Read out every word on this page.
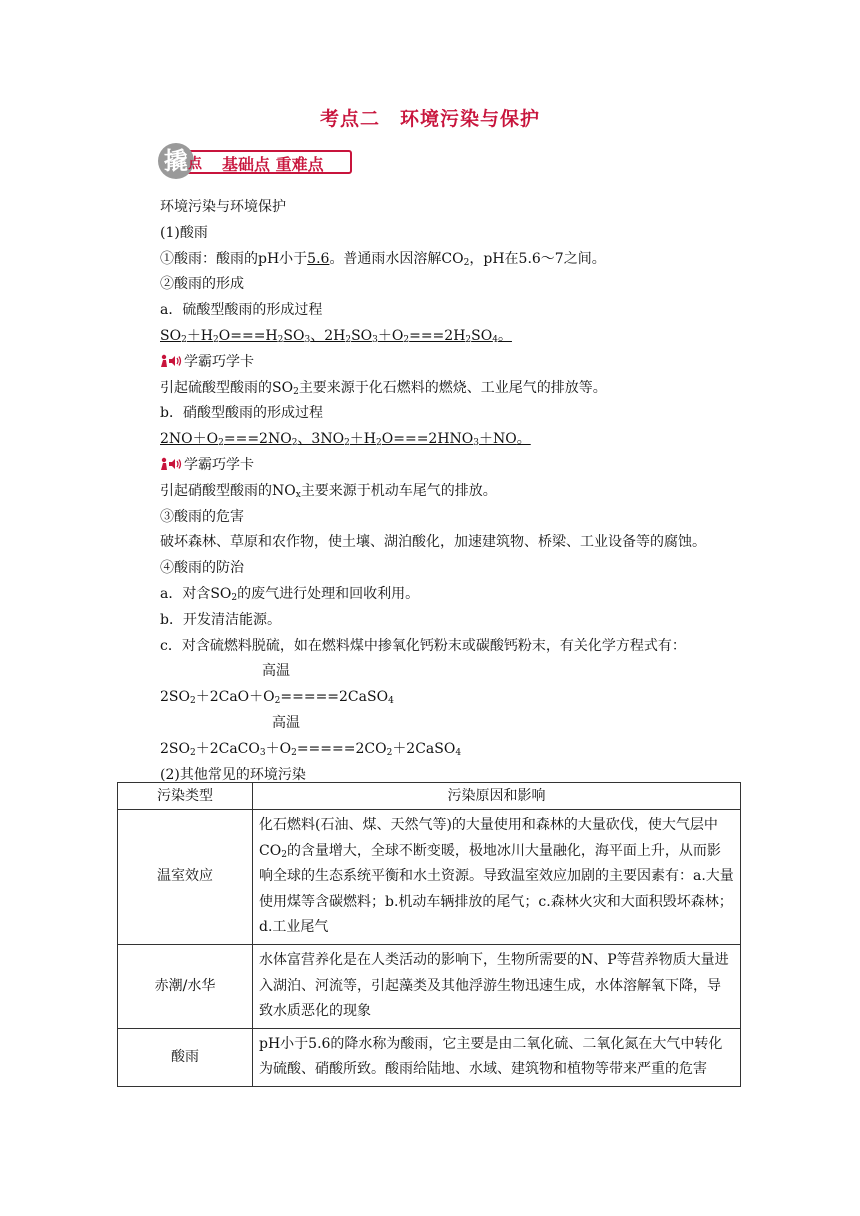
考点二　环境污染与保护
撬 点 基础点 重难点
环境污染与环境保护
(1)酸雨
①酸雨：酸雨的pH小于5.6。普通雨水因溶解$CO_2$，pH在5.6～7之间。
②酸雨的形成
a．硫酸型酸雨的形成过程
$SO_2+H_2O===H_2SO_3$、$2H_2SO_3+O_2===2H_2SO_4$。
学霸巧学卡
引起硫酸型酸雨的$SO_2$主要来源于化石燃料的燃烧、工业尾气的排放等。
b．硝酸型酸雨的形成过程
$2NO+O_2===2NO_2$、$3NO_2+H_2O===2HNO_3+NO$。
学霸巧学卡
引起硝酸型酸雨的$NO_x$主要来源于机动车尾气的排放。
③酸雨的危害
破坏森林、草原和农作物，使土壤、湖泊酸化，加速建筑物、桥梁、工业设备等的腐蚀。
④酸雨的防治
a．对含$SO_2$的废气进行处理和回收利用。
b．开发清洁能源。
c．对含硫燃料脱硫，如在燃料煤中掺氧化钙粉末或碳酸钙粉末，有关化学方程式有：
高温
$2SO_2+2CaO+O_2=====2CaSO_4$
高温
$2SO_2+2CaCO_3+O_2=====2CO_2+2CaSO_4$
(2)其他常见的环境污染
污染类型	污染原因和影响
温室效应	化石燃料(石油、煤、天然气等)的大量使用和森林的大量砍伐，使大气层中$CO_2$的含量增大，全球不断变暖，极地冰川大量融化，海平面上升，从而影响全球的生态系统平衡和水土资源。导致温室效应加剧的主要因素有：a.大量使用煤等含碳燃料；b.机动车辆排放的尾气；c.森林火灾和大面积毁坏森林；d.工业尾气
赤潮/水华	水体富营养化是在人类活动的影响下，生物所需要的N、P等营养物质大量进入湖泊、河流等，引起藻类及其他浮游生物迅速生成，水体溶解氧下降，导致水质恶化的现象
酸雨	pH小于5.6的降水称为酸雨，它主要是由二氧化硫、二氧化氮在大气中转化为硫酸、硝酸所致。酸雨给陆地、水域、建筑物和植物等带来严重的危害
